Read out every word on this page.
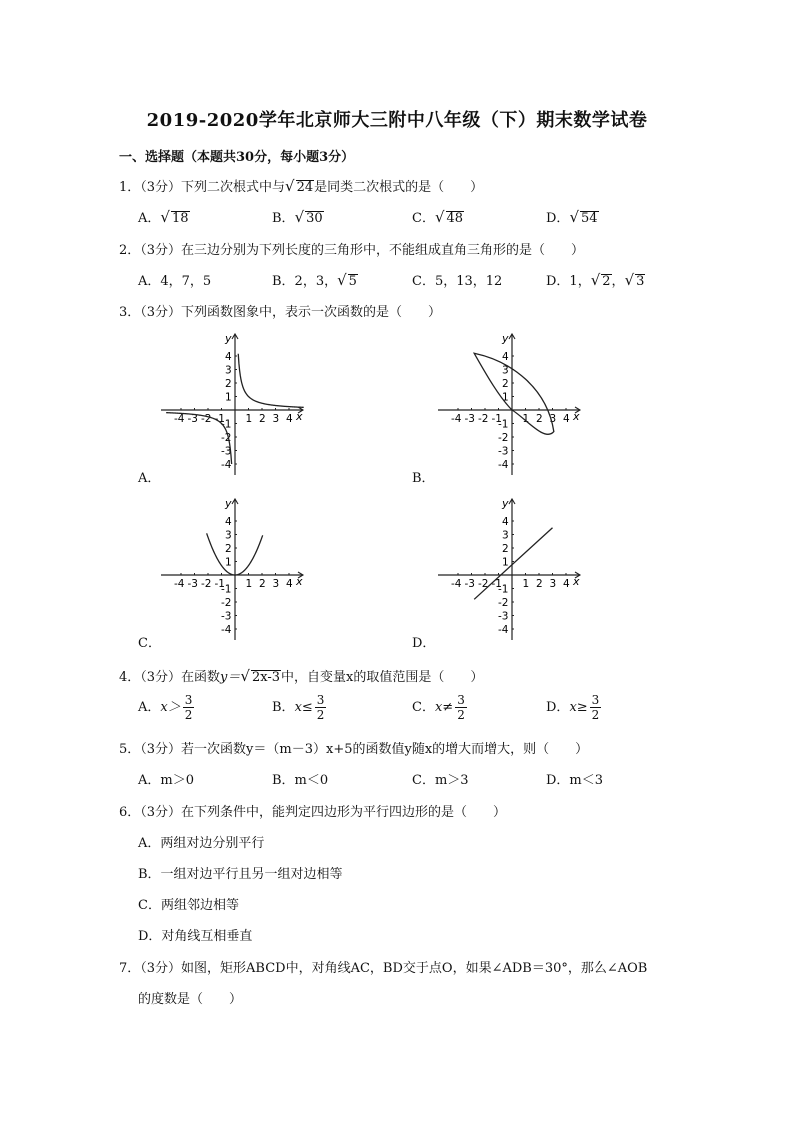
2019-2020学年北京师大三附中八年级（下）期末数学试卷
一、选择题（本题共30分，每小题3分）
1．（3分）下列二次根式中与√ 24是同类二次根式的是（　　）
A．√ 18	B．√ 30	C．√ 48	D．√ 54
2．（3分）在三边分别为下列长度的三角形中，不能组成直角三角形的是（　　）
A．4，7，5	B．2，3，√ 5	C．5，13，12	D．1，√ 2，√ 3
3．（3分）下列函数图象中，表示一次函数的是（　　）
x
y
-4 -3 -2 -1 1 2 3 4
1
2
3
4
-1
-2
-3
-4
x
y
-4 -3 -2 -1 1 2 3 4
1
2
3
4
-1
-2
-3
-4
x
y
-4 -3 -2 -1 1 2 3 4
1
2
3
4
-1
-2
-3
-4
x
y
-4 -3 -2 -1 1 2 3 4
1
2
3
4
-1
-2
-3
-4
A．	B．
C．	D．
4．（3分）在函数y＝√ 2x-3中，自变量x的取值范围是（　　）
A．$x> \frac{3}{2}$	B．$x\le \frac{3}{2}$	C．$x\ne \frac{3}{2}$	D．$x\ge \frac{3}{2}$
5．（3分）若一次函数y＝（m－3）x+5的函数值y随x的增大而增大，则（　　）
A．m＞0	B．m＜0	C．m＞3	D．m＜3
6．（3分）在下列条件中，能判定四边形为平行四边形的是（　　）
A．两组对边分别平行
B．一组对边平行且另一组对边相等
C．两组邻边相等
D．对角线互相垂直
7．（3分）如图，矩形ABCD中，对角线AC，BD交于点O，如果∠ADB＝30°，那么∠AOB
的度数是（　　）
